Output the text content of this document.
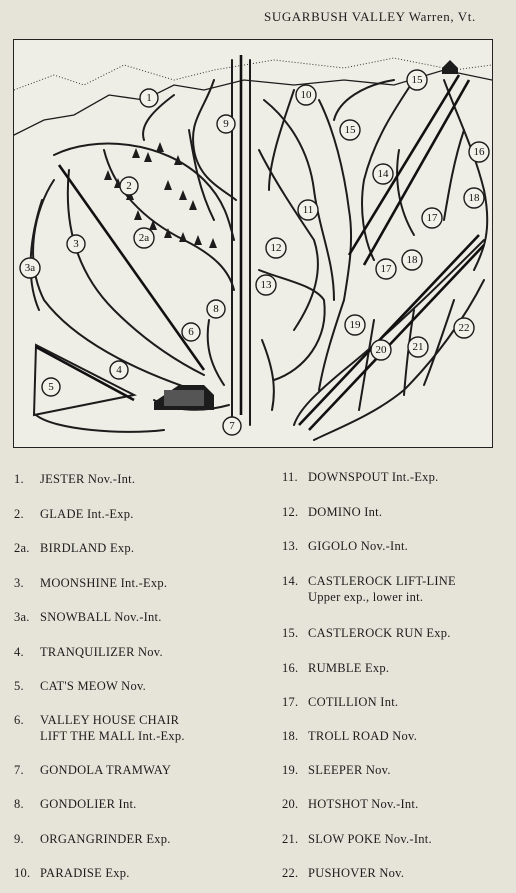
SUGARBUSH VALLEY Warren, Vt.
1
2
2a
3
3a
4
5
6
7
8
9
10
11
12
13
14
15
15
16
17
17
18
18
19
20 21
22
1. JESTER Nov.-Int.
2. GLADE Int.-Exp.
2a. BIRDLAND Exp.
3. MOONSHINE Int.-Exp.
3a. SNOWBALL Nov.-Int.
4. TRANQUILIZER Nov.
5. CAT'S MEOW Nov.
6. VALLEY HOUSE CHAIR
LIFT THE MALL Int.-Exp.
7. GONDOLA TRAMWAY
8. GONDOLIER Int.
9. ORGANGRINDER Exp.
10. PARADISE Exp.
11. DOWNSPOUT Int.-Exp.
12. DOMINO Int.
13. GIGOLO Nov.-Int.
14. CASTLEROCK LIFT-LINE
Upper exp., lower int.
15. CASTLEROCK RUN Exp.
16. RUMBLE Exp.
17. COTILLION Int.
18. TROLL ROAD Nov.
19. SLEEPER Nov.
20. HOTSHOT Nov.-Int.
21. SLOW POKE Nov.-Int.
22. PUSHOVER Nov.
